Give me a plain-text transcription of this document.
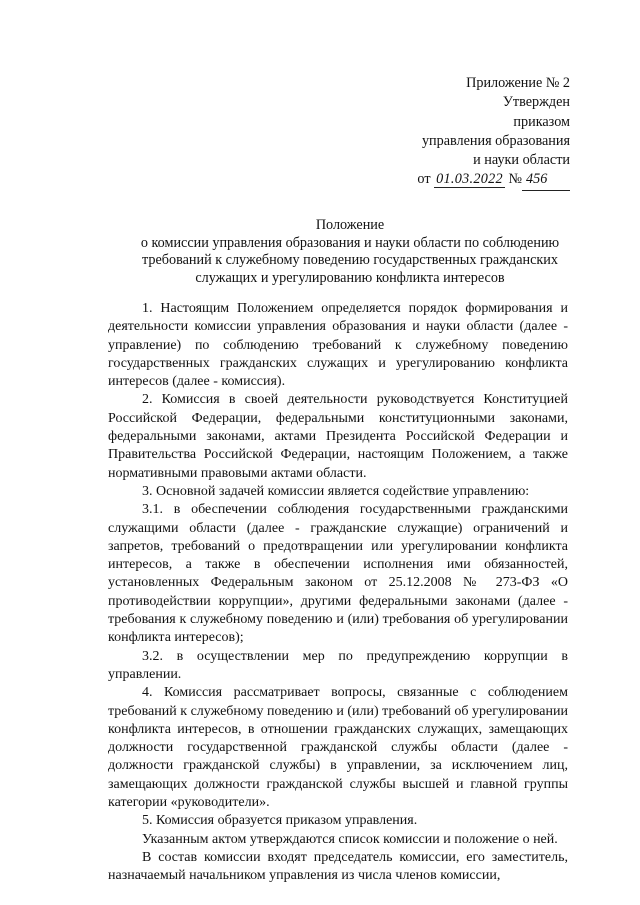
Приложение № 2
Утвержден
приказом
управления образования
и науки области
от 01.03.2022 № 456
Положение
о комиссии управления образования и науки области по соблюдению
требований к служебному поведению государственных гражданских
служащих и урегулированию конфликта интересов

1. Настоящим Положением определяется порядок формирования и деятельности комиссии управления образования и науки области (далее - управление) по соблюдению требований к служебному поведению государственных гражданских служащих и урегулированию конфликта интересов (далее - комиссия).

2. Комиссия в своей деятельности руководствуется Конституцией Российской Федерации, федеральными конституционными законами, федеральными законами, актами Президента Российской Федерации и Правительства Российской Федерации, настоящим Положением, а также нормативными правовыми актами области.

3. Основной задачей комиссии является содействие управлению:

3.1. в обеспечении соблюдения государственными гражданскими служащими области (далее - гражданские служащие) ограничений и запретов, требований о предотвращении или урегулировании конфликта интересов, а также в обеспечении исполнения ими обязанностей, установленных Федеральным законом от 25.12.2008 № 273-ФЗ «О противодействии коррупции», другими федеральными законами (далее - требования к служебному поведению и (или) требования об урегулировании конфликта интересов);

3.2. в осуществлении мер по предупреждению коррупции в управлении.

4. Комиссия рассматривает вопросы, связанные с соблюдением требований к служебному поведению и (или) требований об урегулировании конфликта интересов, в отношении гражданских служащих, замещающих должности государственной гражданской службы области (далее - должности гражданской службы) в управлении, за исключением лиц, замещающих должности гражданской службы высшей и главной группы категории «руководители».

5. Комиссия образуется приказом управления.

Указанным актом утверждаются список комиссии и положение о ней.

В состав комиссии входят председатель комиссии, его заместитель, назначаемый начальником управления из числа членов комиссии,
